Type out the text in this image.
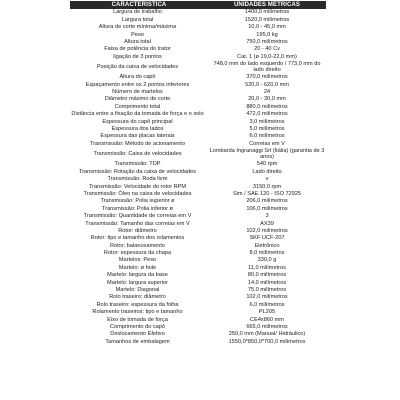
CARACTERÍSTICA	UNIDADES MÉTRICAS
Largura de trabalho	1400,0 milímetros
Largura total	1520,0 milímetros
Altura de corte mínima/máxima	10,0 - 45,0 mm
Peso	195,0 kg
Altura total	750,0 milímetros
Faixa de potência do trator	20 - 40 Cv
ligação de 3 pontos	Cat. 1 (ø 19,0-22,0 mm)
Posição da caixa de velocidades	748,0 mm do lado esquerdo / 773,0 mm do lado direito
Altura do capô	370,0 milímetros
Espaçamento entre os 2 pontos inferiores	520,0 - 620,0 mm
Número de martelos	24
Diâmetro máximo de corte	20,0 - 30,0 mm
Comprimento total	880,0 milímetros
Distância entre a fixação da tomada de força e o solo	472,0 milímetros
Espessura do capô principal	3,0 milímetros
Espessura dos lados	5,0 milímetros
Espessura das placas laterais	6,0 milímetros
Transmissão: Método de acionamento	Correias em V
Transmissão: Caixa de velocidades	Lombarda Ingranaggi Srl (Itália) (garantia de 3 anos)
Transmissão: TDP	540 rpm
Transmissão: Rotação da caixa de velocidades	Lado direito
Transmissão: Roda livre	v
Transmissão: Velocidade do rotor RPM	3150,0 rpm
Transmissão: Óleo na caixa de velocidades	Sim / SAE 120 - ISO 72925
Transmissão: Polia superior ø	206,0 milímetros
Transmissão: Polia inferior ø	106,0 milímetros
Transmissão: Quantidade de correias em V	3
Transmissão: Tamanho das correias em V	AX39
Rotor: diâmetro	102,0 milímetros
Rotor: tipo e tamanho dos rolamentos	SKF UCF-207
Rotor: balanceamento	Eletrônico
Rotor: espessura da chapa	8,0 milímetros
Martelos: Peso	330,0 g
Martelo: ø hole	11,0 milímetros
Martelo: largura da base	80,0 milímetros
Martelo: largura superior	14,0 milímetros
Martelo: Diagonal	75,0 milímetros
Rolo traseiro: diâmetro	102,0 milímetros
Rolo traseiro: espessura da folha	6,0 milímetros
Rolamento traseiros: tipo e tamanho	PL205
Eixo de tomada de força	CE4x860 mm
Comprimento do capô	665,0 milímetros
Deslocamento Efetivo	250,0 mm (Manual/ Hidráulico)
Tamanhos de embalagem	1550,0*850,0*700,0 milímetros
